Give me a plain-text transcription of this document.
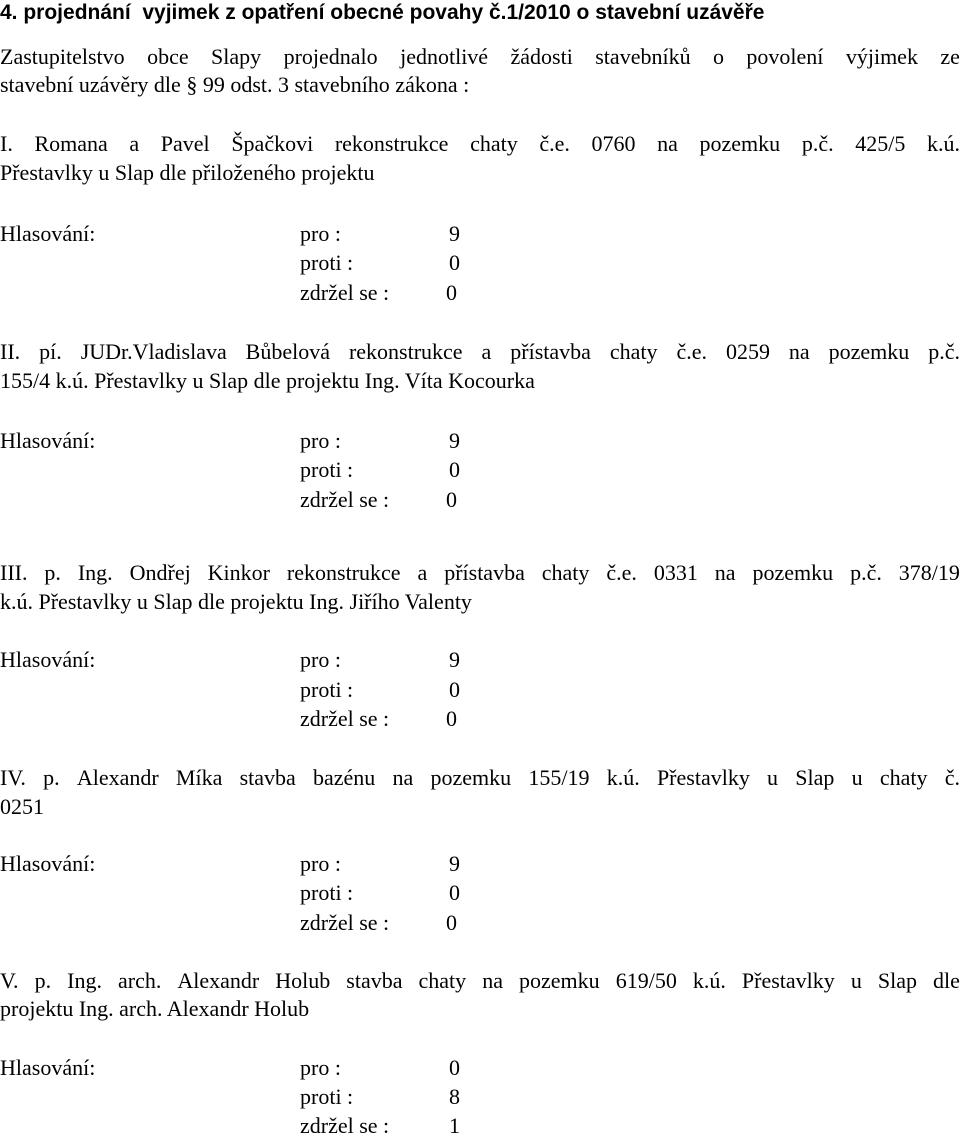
4. projednání  vyjimek z opatření obecné povahy č.1/2010 o stavební uzávěře
Zastupitelstvo obce Slapy projednalo jednotlivé žádosti stavebníků o povolení výjimek ze
stavební uzávěry dle § 99 odst. 3 stavebního zákona :
I. Romana a Pavel Špačkovi rekonstrukce chaty č.e. 0760 na pozemku p.č. 425/5 k.ú.
Přestavlky u Slap dle přiloženého projektu
Hlasování:	pro :	9
proti :	0
zdržel se :	0
II. pí. JUDr.Vladislava Bůbelová rekonstrukce a přístavba chaty č.e. 0259 na pozemku p.č.
155/4 k.ú. Přestavlky u Slap dle projektu Ing. Víta Kocourka
Hlasování:	pro :	9
proti :	0
zdržel se :	0
III. p. Ing. Ondřej Kinkor rekonstrukce a přístavba chaty č.e. 0331 na pozemku p.č. 378/19
k.ú. Přestavlky u Slap dle projektu Ing. Jiřího Valenty
Hlasování:	pro :	9
proti :	0
zdržel se :	0
IV. p. Alexandr Míka stavba bazénu na pozemku 155/19 k.ú. Přestavlky u Slap u chaty č.
0251
Hlasování:	pro :	9
proti :	0
zdržel se :	0
V. p. Ing. arch. Alexandr Holub stavba chaty na pozemku 619/50 k.ú. Přestavlky u Slap dle
projektu Ing. arch. Alexandr Holub
Hlasování:	pro :	0
proti :	8
zdržel se :	1
